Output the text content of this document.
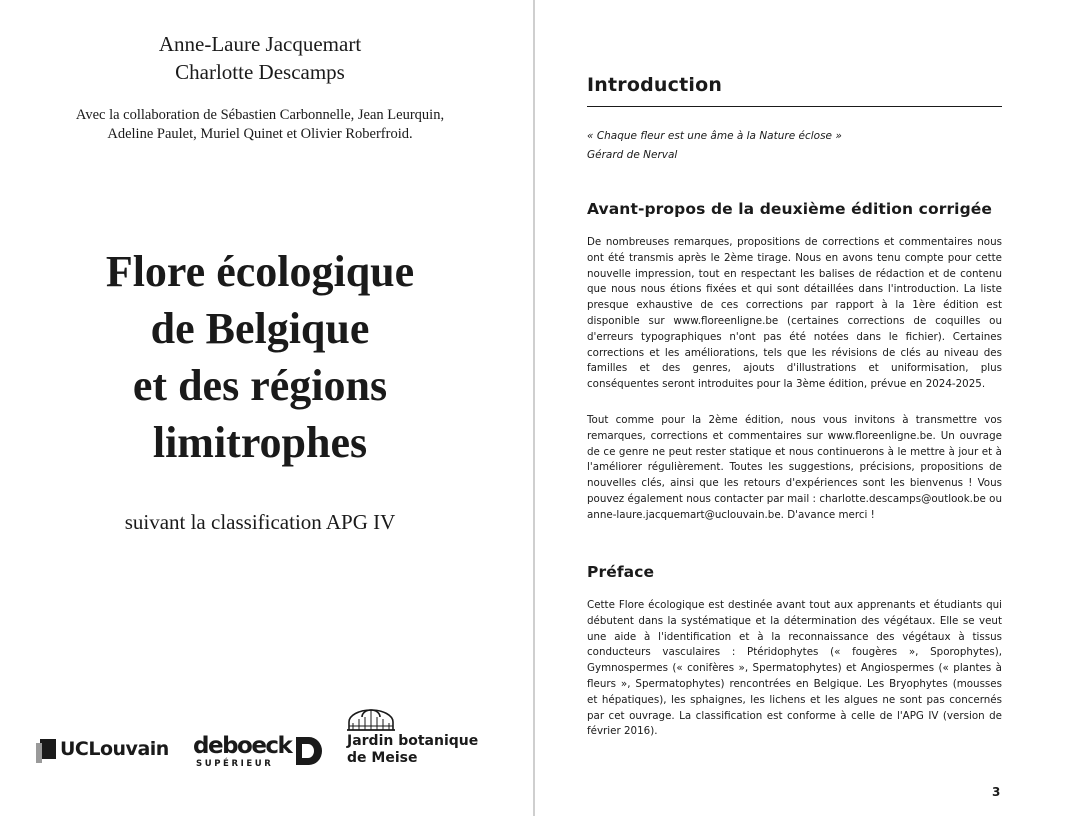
Anne-Laure Jacquemart
Charlotte Descamps
Avec la collaboration de Sébastien Carbonnelle, Jean Leurquin,
Adeline Paulet, Muriel Quinet et Olivier Roberfroid.
Flore écologique
de Belgique
et des régions
limitrophes
suivant la classification APG IV
UCLouvain deboeck
SUPÉRIEUR
Jardin botanique
de Meise
Introduction
« Chaque fleur est une âme à la Nature éclose »
Gérard de Nerval
Avant-propos de la deuxième édition corrigée
De nombreuses remarques, propositions de corrections et commentaires nous ont été transmis après le 2ème tirage. Nous en avons tenu compte pour cette nouvelle impression, tout en respectant les balises de rédaction et de contenu que nous nous étions fixées et qui sont détaillées dans l'introduction. La liste presque exhaustive de ces corrections par rapport à la 1ère édition est disponible sur www.floreenligne.be (certaines corrections de coquilles ou d'erreurs typographiques n'ont pas été notées dans le fichier). Certaines corrections et les améliorations, tels que les révisions de clés au niveau des familles et des genres, ajouts d'illustrations et uniformisation, plus conséquentes seront introduites pour la 3ème édition, prévue en 2024-2025.
Tout comme pour la 2ème édition, nous vous invitons à transmettre vos remarques, corrections et commentaires sur www.floreenligne.be. Un ouvrage de ce genre ne peut rester statique et nous continuerons à le mettre à jour et à l'améliorer régulièrement. Toutes les suggestions, précisions, propositions de nouvelles clés, ainsi que les retours d'expériences sont les bienvenus ! Vous pouvez également nous contacter par mail : charlotte.descamps@outlook.be ou anne-laure.jacquemart@uclouvain.be. D'avance merci !
Préface
Cette Flore écologique est destinée avant tout aux apprenants et étudiants qui débutent dans la systématique et la détermination des végétaux. Elle se veut une aide à l'identification et à la reconnaissance des végétaux à tissus conducteurs vasculaires : Ptéridophytes (« fougères », Sporophytes), Gymnospermes (« conifères », Spermatophytes) et Angiospermes (« plantes à fleurs », Spermatophytes) rencontrées en Belgique. Les Bryophytes (mousses et hépatiques), les sphaignes, les lichens et les algues ne sont pas concernés par cet ouvrage. La classification est conforme à celle de l'APG IV (version de février 2016).
3
